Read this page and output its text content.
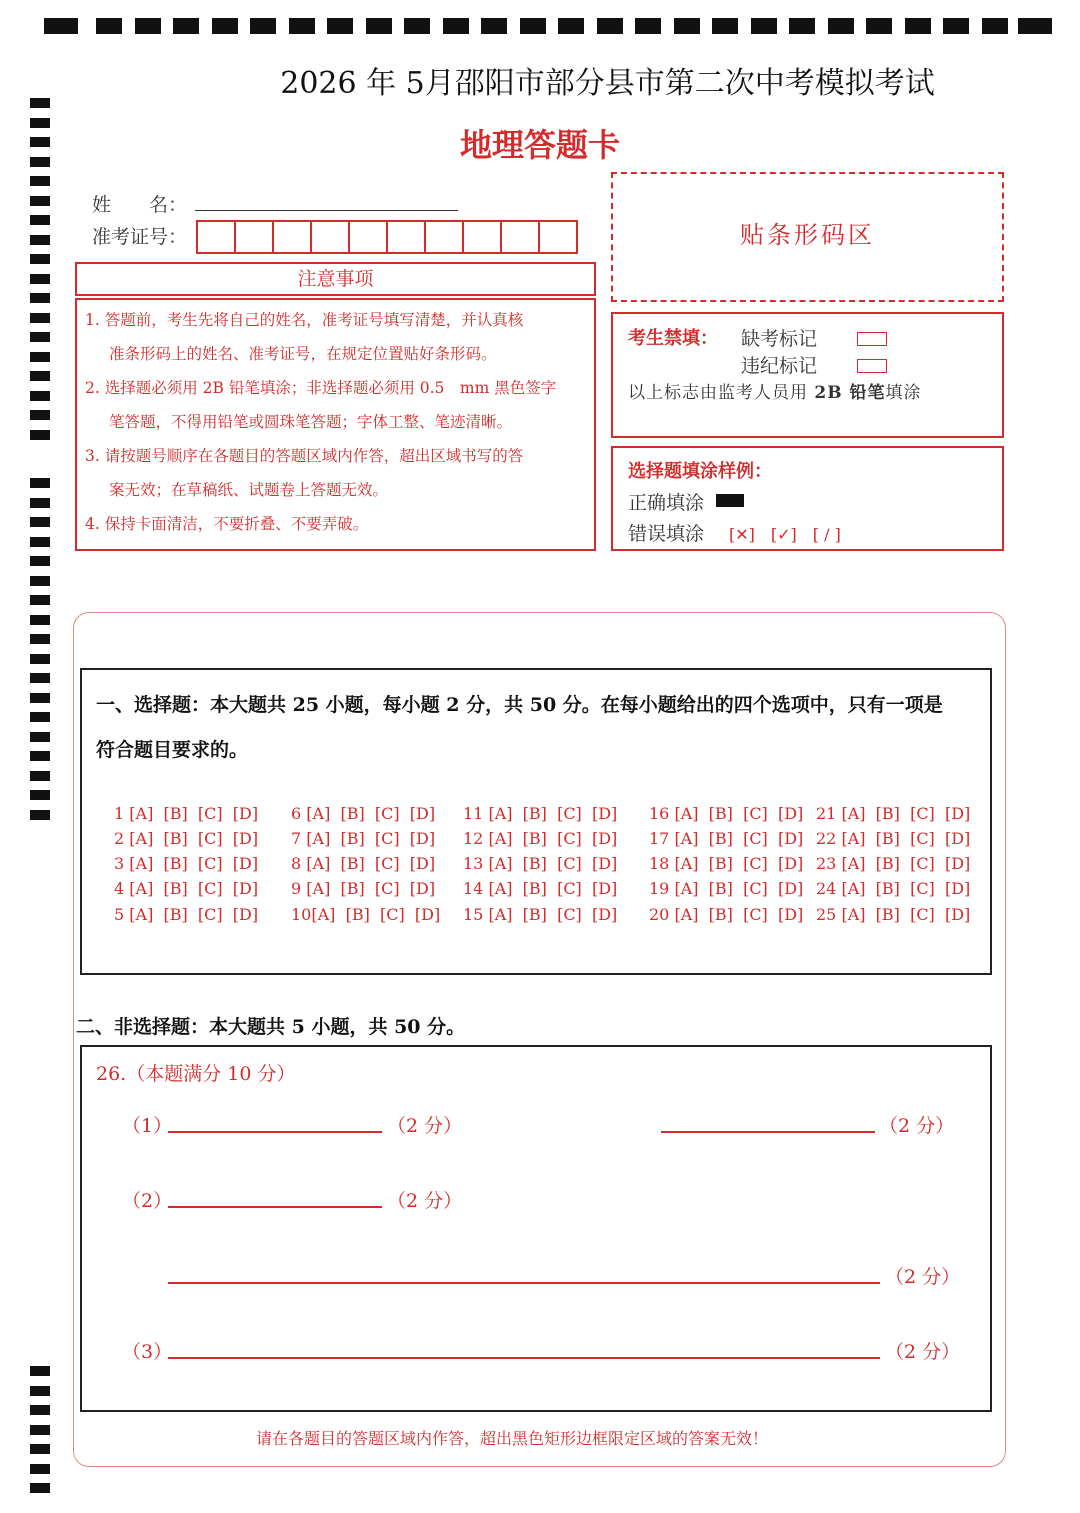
2026 年 5月邵阳市部分县市第二次中考模拟考试
地理答题卡
姓　　名：
准考证号：	贴条形码区
注意事项
1. 答题前，考生先将自己的姓名，准考证号填写清楚，并认真核
准条形码上的姓名、准考证号，在规定位置贴好条形码。
2. 选择题必须用 2B 铅笔填涂；非选择题必须用 0.5　mm 黑色签字
笔答题，不得用铅笔或圆珠笔答题；字体工整、笔迹清晰。
3. 请按题号顺序在各题目的答题区域内作答，超出区域书写的答
案无效；在草稿纸、试题卷上答题无效。
4. 保持卡面清洁，不要折叠、不要弄破。
考生禁填： 缺考标记
违纪标记
以上标志由监考人员用 2B 铅笔填涂
选择题填涂样例：
正确填涂
错误填涂 [✕]　[✓]　[ / ]
一、选择题：本大题共 25 小题，每小题 2 分，共 50 分。在每小题给出的四个选项中，只有一项是
符合题目要求的。
1 [A]  [B]  [C]  [D]
2 [A]  [B]  [C]  [D]
3 [A]  [B]  [C]  [D]
4 [A]  [B]  [C]  [D]
5 [A]  [B]  [C]  [D]
6 [A]  [B]  [C]  [D]
7 [A]  [B]  [C]  [D]
8 [A]  [B]  [C]  [D]
9 [A]  [B]  [C]  [D]
10[A]  [B]  [C]  [D]
11 [A]  [B]  [C]  [D]
12 [A]  [B]  [C]  [D]
13 [A]  [B]  [C]  [D]
14 [A]  [B]  [C]  [D]
15 [A]  [B]  [C]  [D]
16 [A]  [B]  [C]  [D]
17 [A]  [B]  [C]  [D]
18 [A]  [B]  [C]  [D]
19 [A]  [B]  [C]  [D]
20 [A]  [B]  [C]  [D]
21 [A]  [B]  [C]  [D]
22 [A]  [B]  [C]  [D]
23 [A]  [B]  [C]  [D]
24 [A]  [B]  [C]  [D]
25 [A]  [B]  [C]  [D]
二、非选择题：本大题共 5 小题，共 50 分。
26.（本题满分 10 分）
（1）	（2 分）	（2 分）
（2）	（2 分）
（2 分）
（3）	（2 分）
请在各题目的答题区域内作答，超出黑色矩形边框限定区域的答案无效！
